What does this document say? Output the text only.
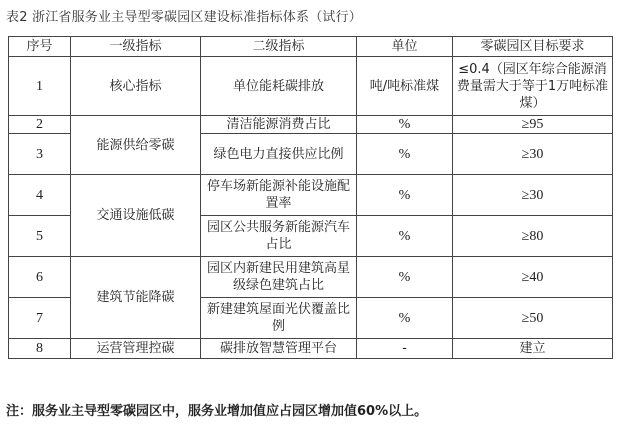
表2 浙江省服务业主导型零碳园区建设标准指标体系（试行）
序号	一级指标	二级指标	单位	零碳园区目标要求
1	核心指标	单位能耗碳排放	吨/吨标准煤	≤0.4（园区年综合能源消费量需大于等于1万吨标准煤）
2	能源供给零碳	清洁能源消费占比	%	≥95
3		绿色电力直接供应比例	%	≥30
4	交通设施低碳	停车场新能源补能设施配置率	%	≥30
5		园区公共服务新能源汽车占比	%	≥80
6	建筑节能降碳	园区内新建民用建筑高星级绿色建筑占比	%	≥40
7		新建建筑屋面光伏覆盖比例	%	≥50
8	运营管理控碳	碳排放智慧管理平台	-	建立
注：服务业主导型零碳园区中，服务业增加值应占园区增加值60%以上。
